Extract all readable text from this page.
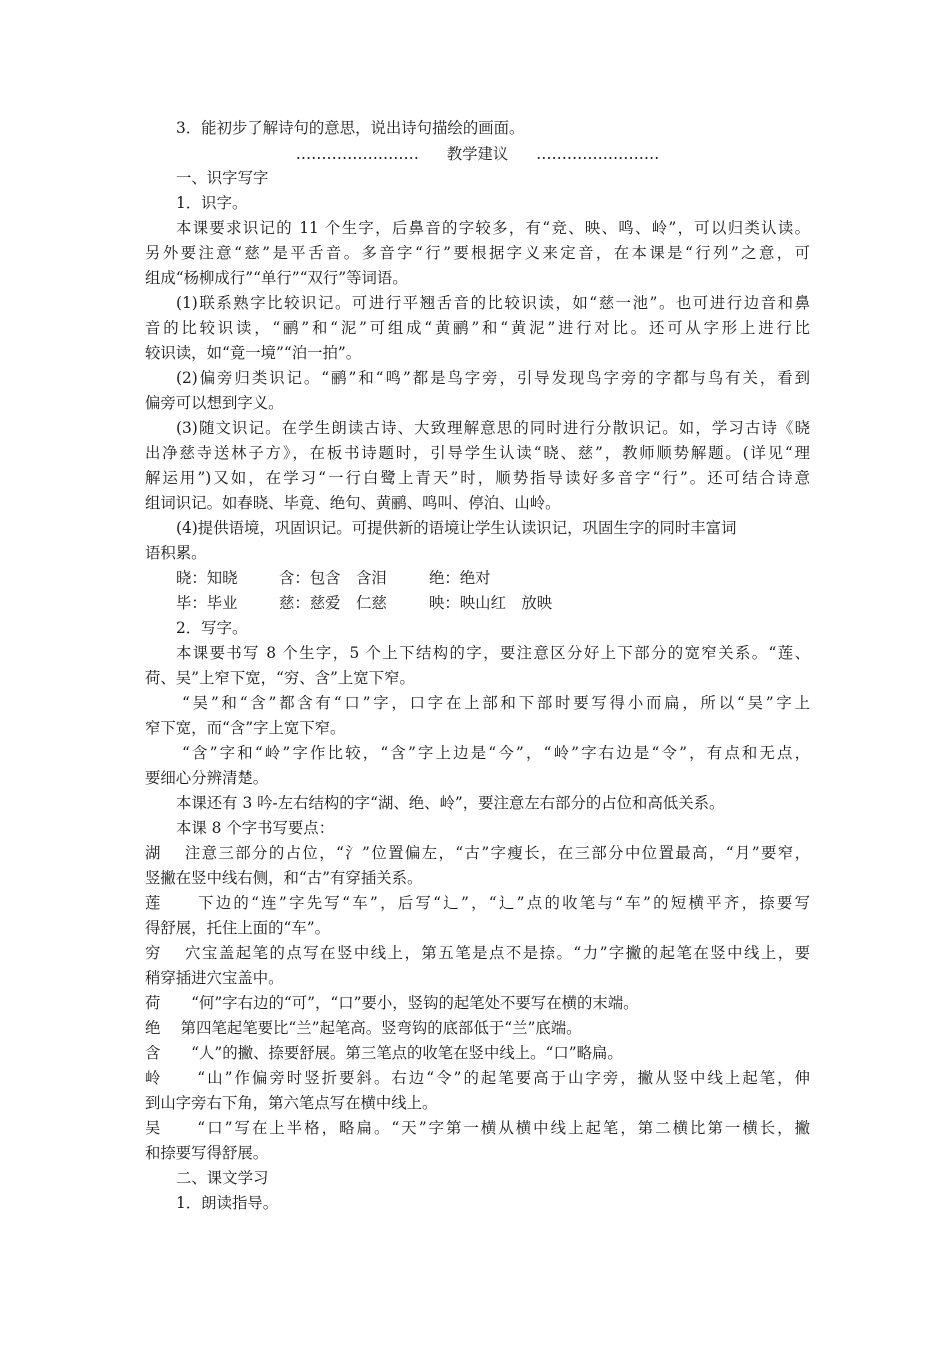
3．能初步了解诗句的意思，说出诗句描绘的画面。
…………………… 教学建议 ……………………
一、识字写字
1．识字。
本课要求识记的 11 个生字，后鼻音的字较多，有“竞、映、鸣、岭”，可以归类认读。
另外要注意“慈”是平舌音。多音字“行”要根据字义来定音，在本课是“行列”之意，可
组成“杨柳成行”“单行”“双行”等词语。
(1)联系熟字比较识记。可进行平翘舌音的比较识读，如“慈一池”。也可进行边音和鼻
音的比较识读，“鹂”和“泥”可组成“黄鹂”和“黄泥”进行对比。还可从字形上进行比
较识读，如“竟一境”“泊一拍”。
(2)偏旁归类识记。“鹂”和“鸣”都是鸟字旁，引导发现鸟字旁的字都与鸟有关，看到
偏旁可以想到字义。
(3)随文识记。在学生朗读古诗、大致理解意思的同时进行分散识记。如，学习古诗《晓
出净慈寺送林子方》，在板书诗题时，引导学生认读“晓、慈”，教师顺势解题。(详见“理
解运用”)又如，在学习“一行白鹭上青天”时，顺势指导读好多音字“行”。还可结合诗意
组词识记。如春晓、毕竟、绝句、黄鹂、鸣叫、停泊、山岭。
(4)提供语境，巩固识记。可提供新的语境让学生认读识记，巩固生字的同时丰富词
语积累。
晓：知晓	含：包含　含泪	绝：绝对
毕：毕业	慈：慈爱　仁慈	映：映山红　放映
2．写字。
本课要书写 8 个生字，5 个上下结构的字，要注意区分好上下部分的宽窄关系。“莲、
荷、吴”上窄下宽，“穷、含”上宽下窄。
“吴”和“含”都含有“口”字，口字在上部和下部时要写得小而扁，所以“吴”字上
窄下宽，而“含”字上宽下窄。
“含”字和“岭”字作比较，“含”字上边是“今”，“岭”字右边是“令”，有点和无点，
要细心分辨清楚。
本课还有 3 吟-左右结构的字“湖、绝、岭”，要注意左右部分的占位和高低关系。
本课 8 个字书写要点：
湖　 注意三部分的占位，“氵”位置偏左，“古”字瘦长，在三部分中位置最高，“月”要窄，
竖撇在竖中线右侧，和“古”有穿插关系。
莲　　下边的“连”字先写“车”，后写“辶”，“辶”点的收笔与“车”的短横平齐，捺要写
得舒展，托住上面的“车”。
穷　 穴宝盖起笔的点写在竖中线上，第五笔是点不是捺。“力”字撇的起笔在竖中线上，要
稍穿插进穴宝盖中。
荷　　“何”字右边的“可”，“口”要小，竖钩的起笔处不要写在横的末端。
绝　 第四笔起笔要比“兰”起笔高。竖弯钩的底部低于“兰”底端。
含　　“人”的撇、捺要舒展。第三笔点的收笔在竖中线上。“口”略扁。
岭　　“山”作偏旁时竖折要斜。右边“令”的起笔要高于山字旁，撇从竖中线上起笔，伸
到山字旁右下角，第六笔点写在横中线上。
吴　　“口”写在上半格，略扁。“天”字第一横从横中线上起笔，第二横比第一横长，撇
和捺要写得舒展。
二、课文学习
1．朗读指导。
